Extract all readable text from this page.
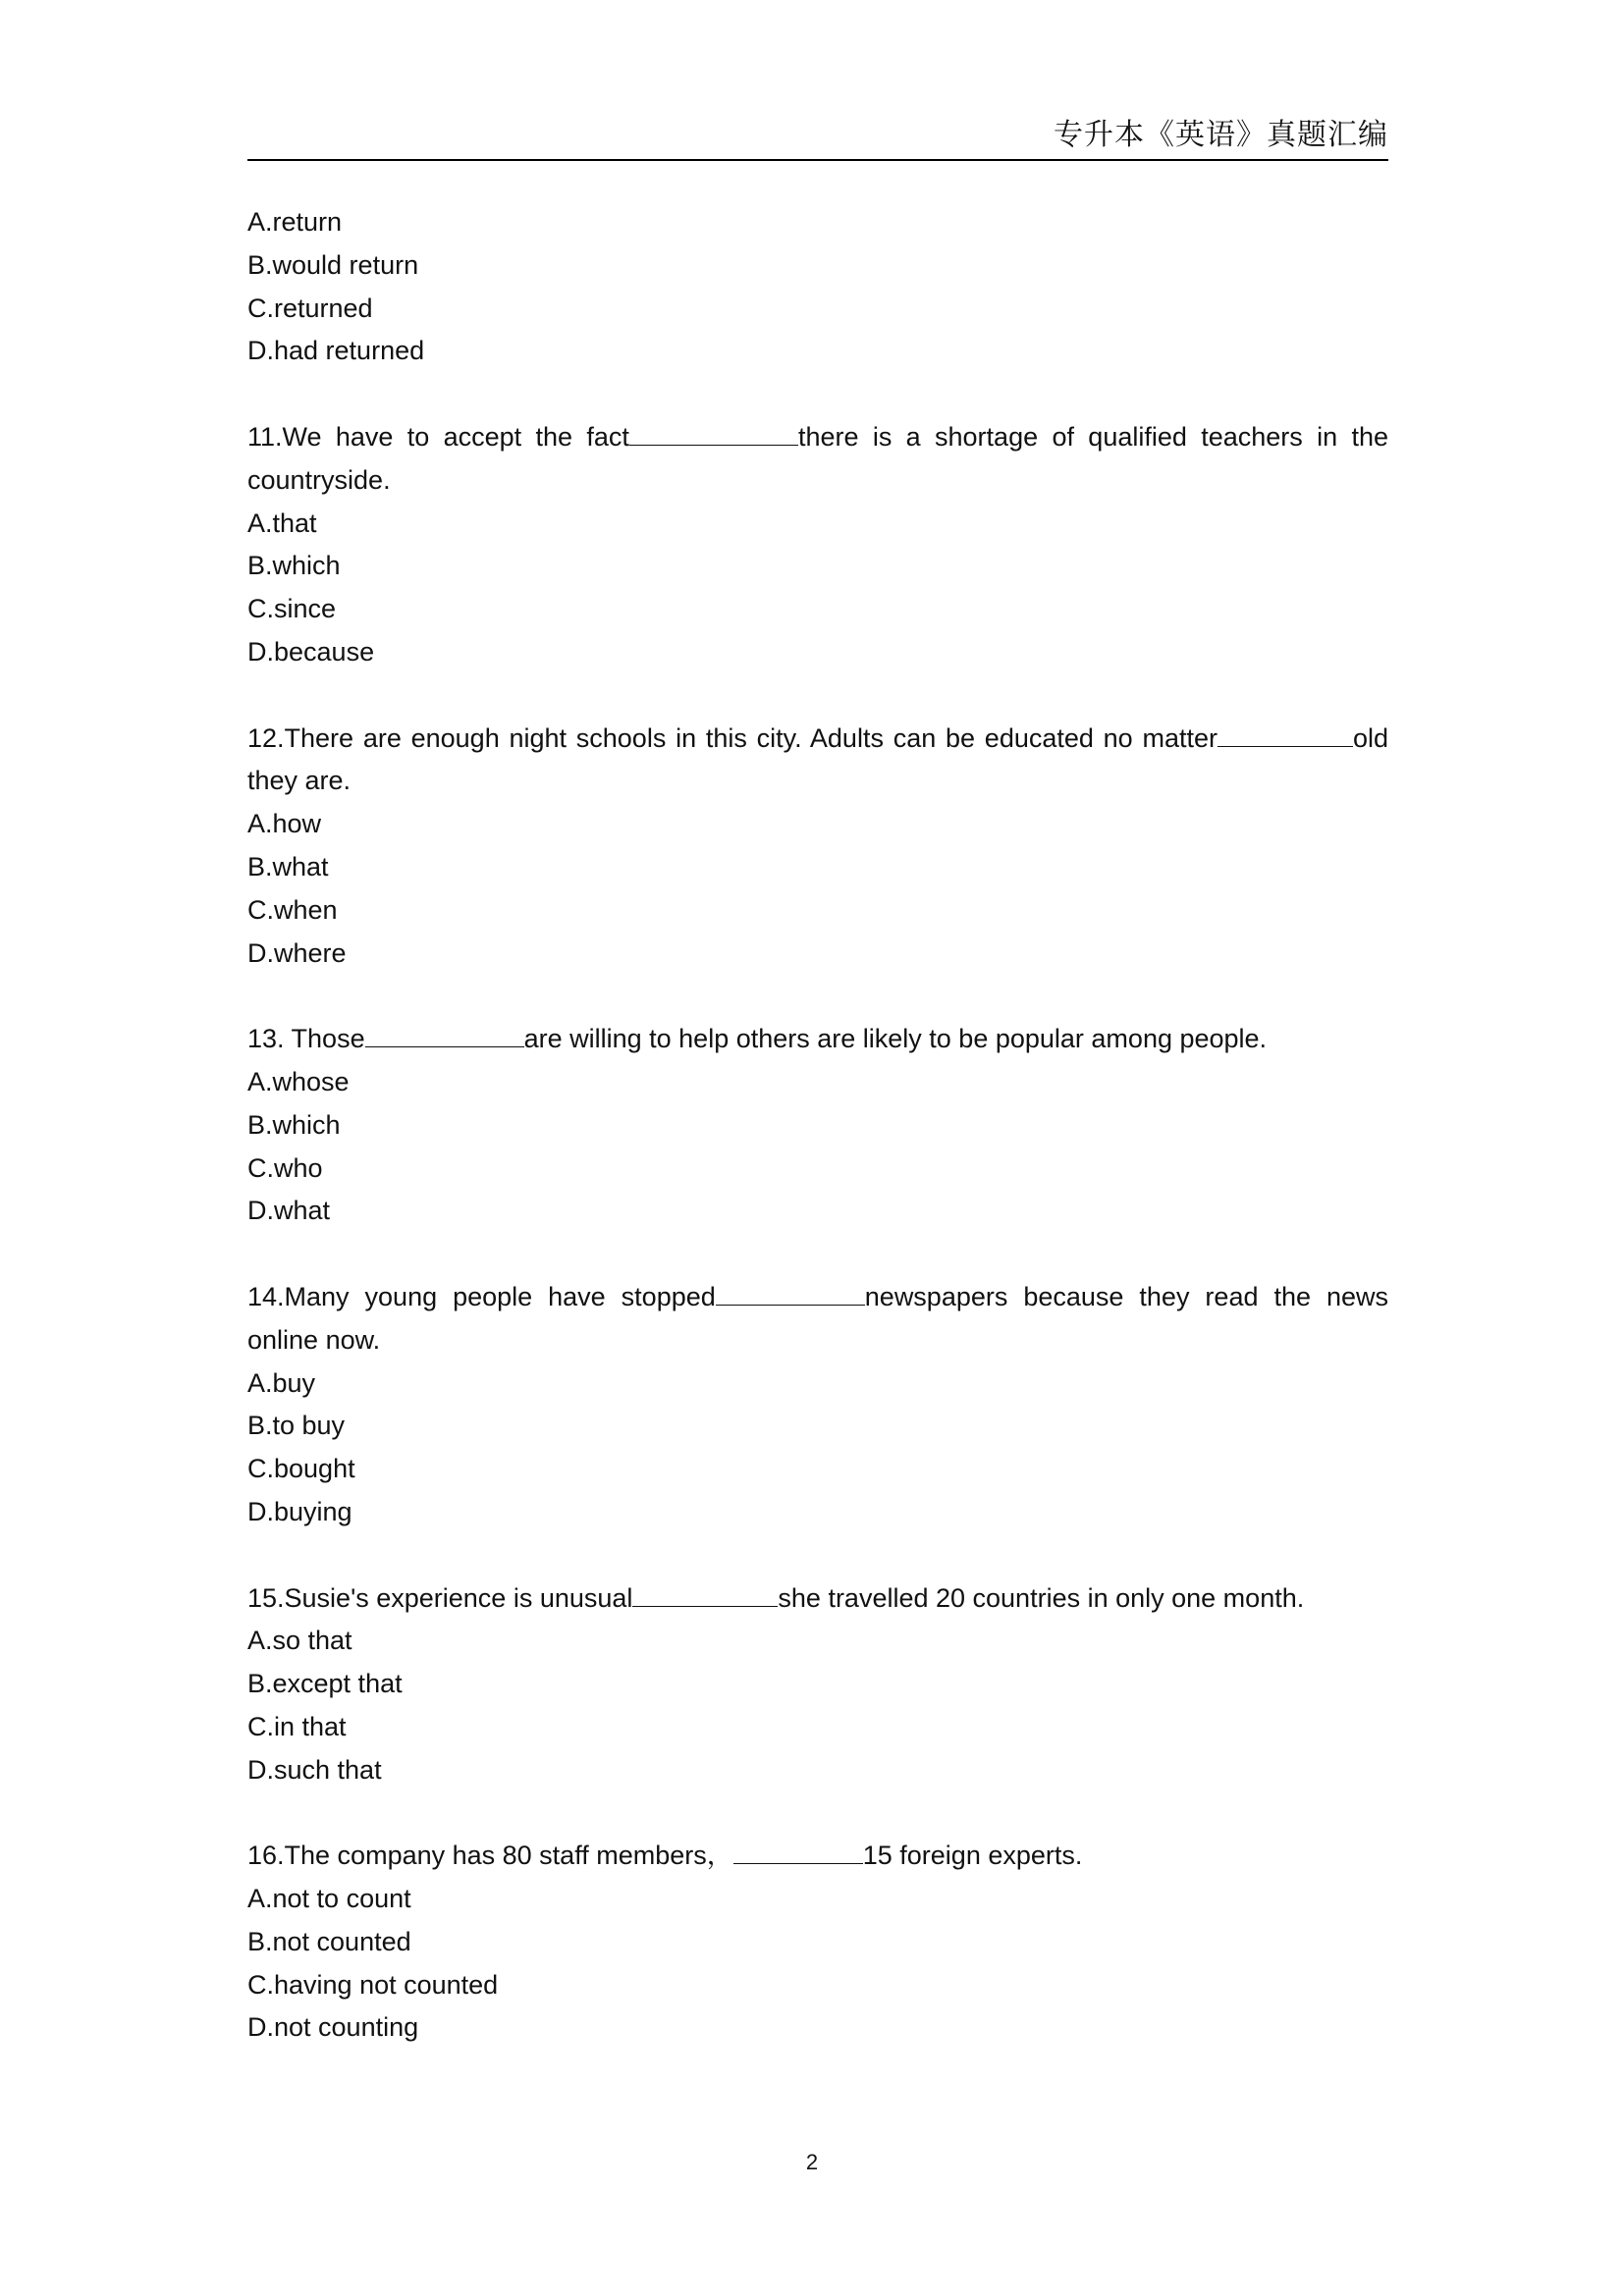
专升本《英语》真题汇编
A.return
B.would return
C.returned
D.had returned
11.We have to accept the fact	there is a shortage of qualified teachers in the countryside.
A.that
B.which
C.since
D.because
12.There are enough night schools in this city. Adults can be educated no matter	old they are.
A.how
B.what
C.when
D.where
13. Those	are willing to help others are likely to be popular among people.
A.whose
B.which
C.who
D.what
14.Many young people have stopped	newspapers because they read the news online now.
A.buy
B.to buy
C.bought
D.buying
15.Susie's experience is unusual	she travelled 20 countries in only one month.
A.so that
B.except that
C.in that
D.such that
16.The company has 80 staff members，	15 foreign experts.
A.not to count
B.not counted
C.having not counted
D.not counting
2
